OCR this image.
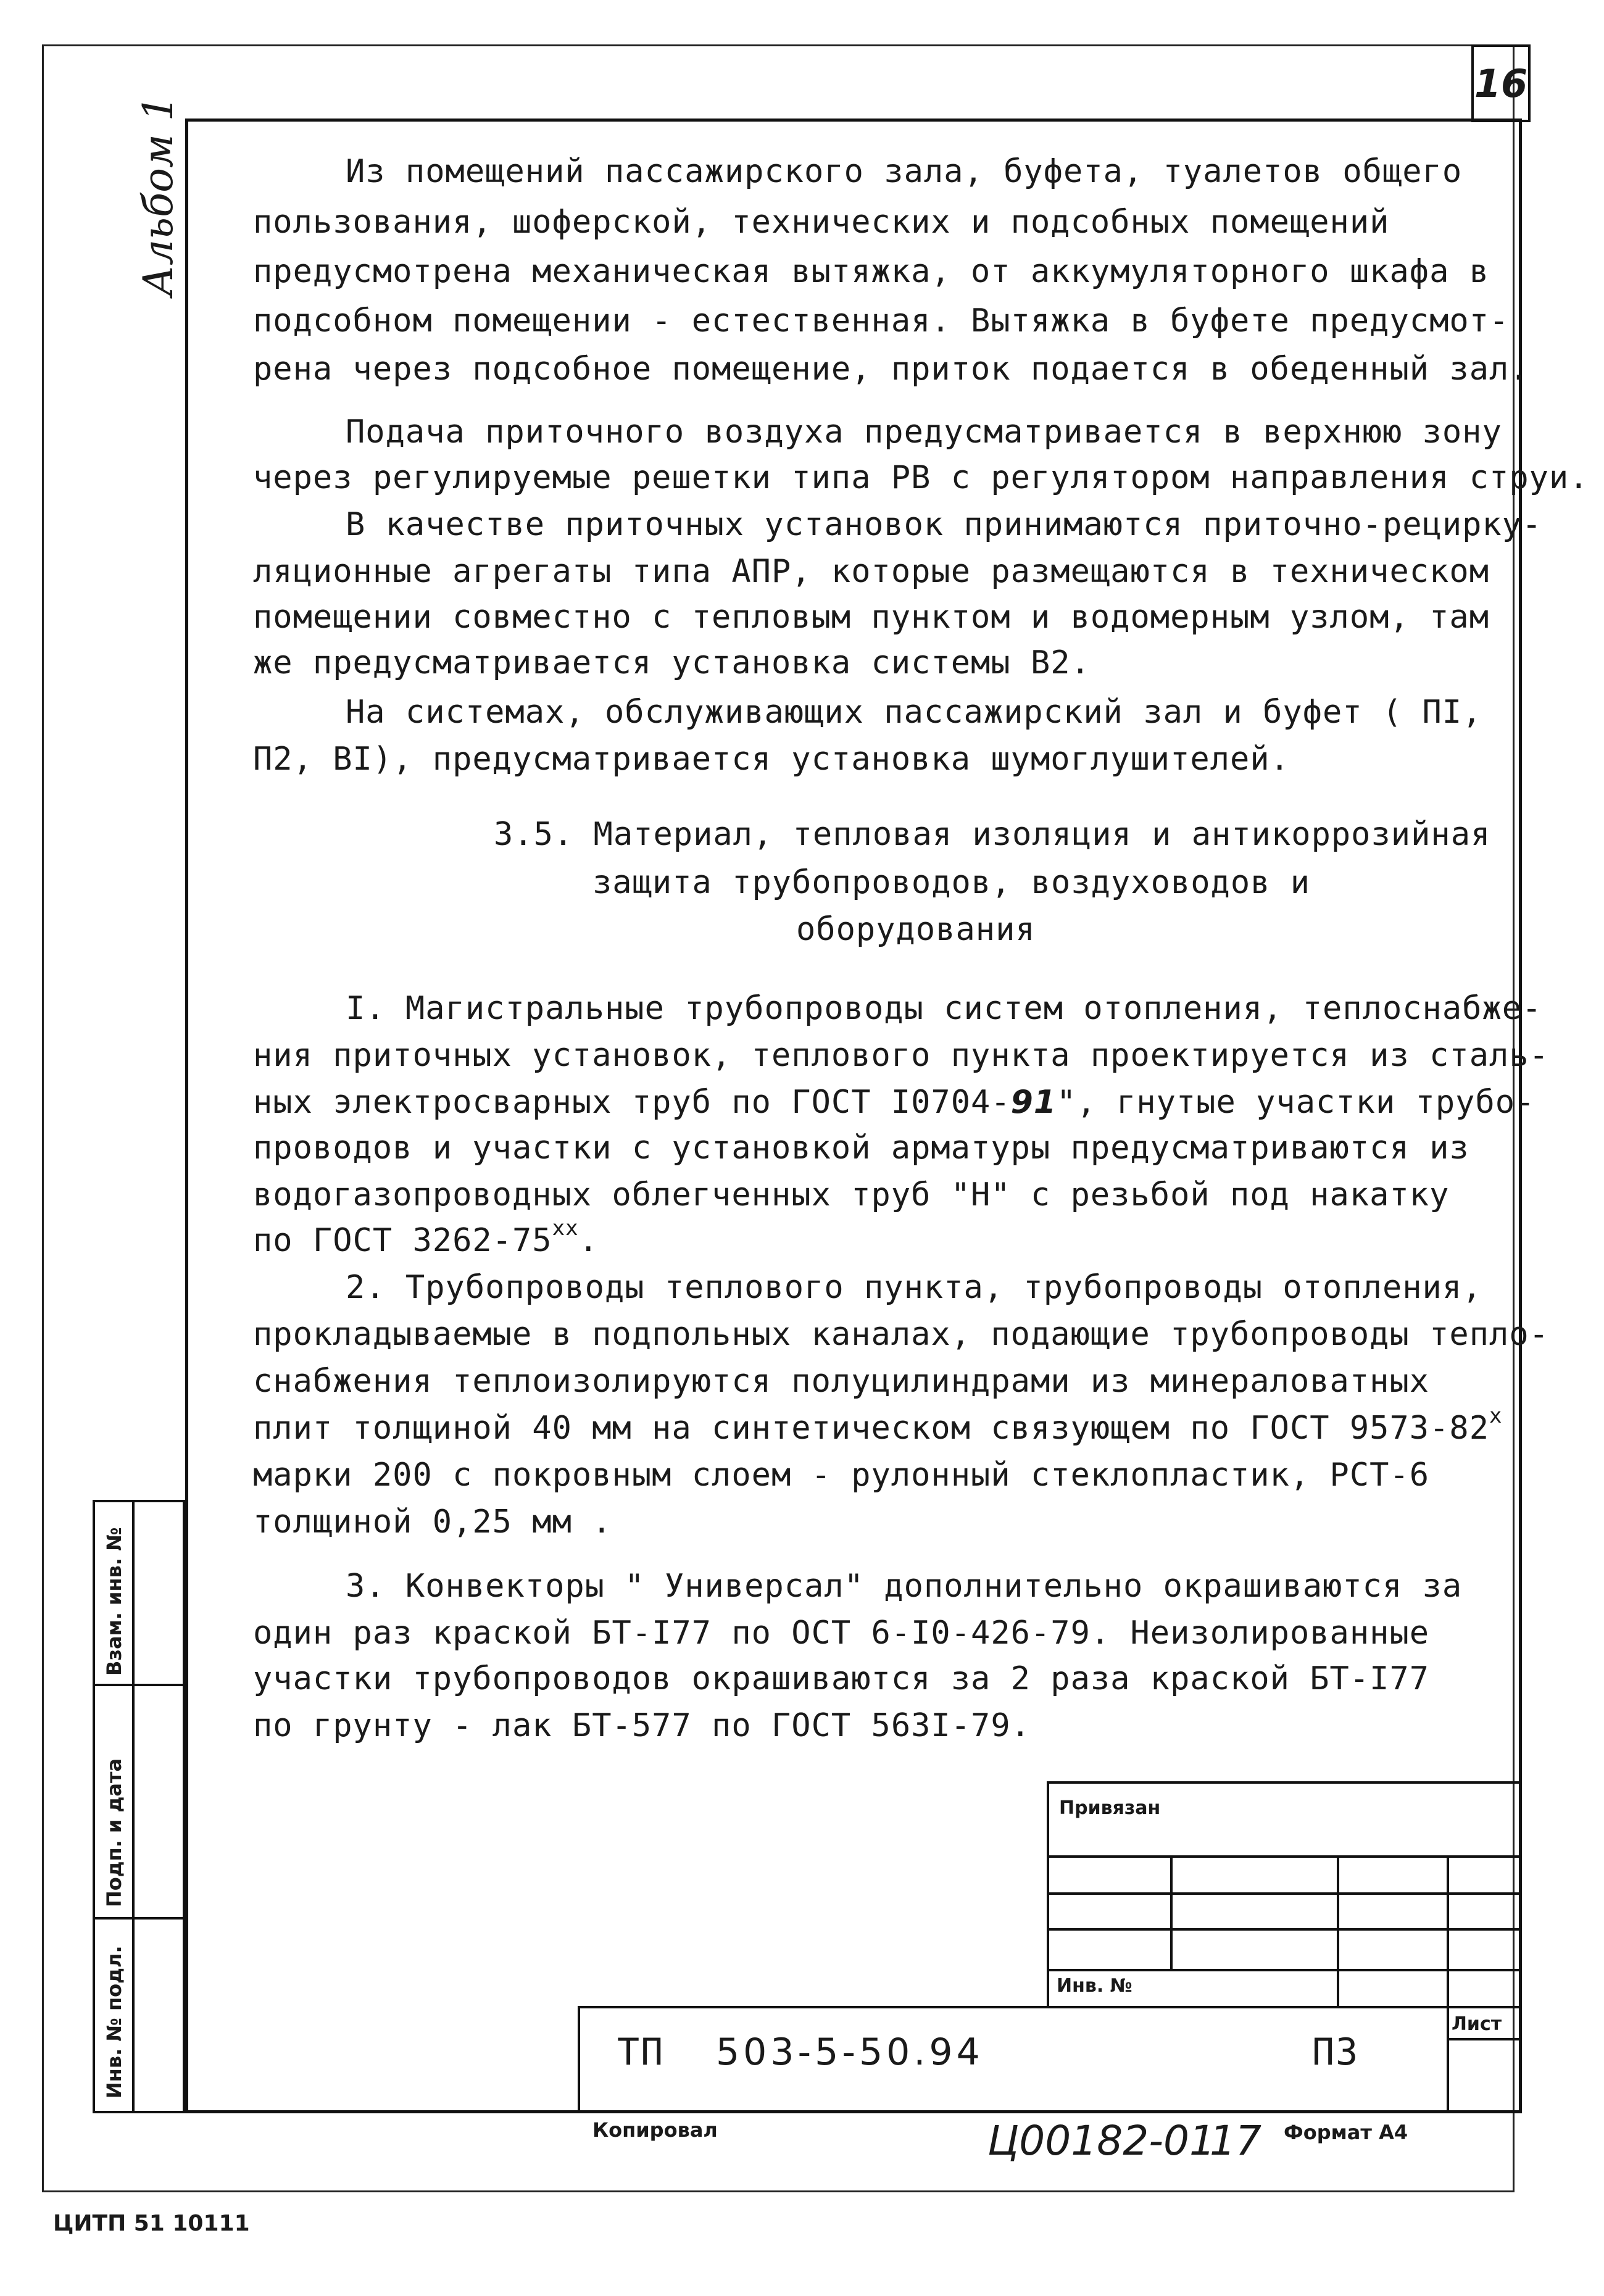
16
Альбом 1	Из помещений пассажирского зала, буфета, туалетов общего
пользования, шоферской, технических и подсобных помещений
предусмотрена механическая вытяжка, от аккумуляторного шкафа в
подсобном помещении - естественная. Вытяжка в буфете предусмот-
рена через подсобное помещение, приток подается в обеденный зал.
Подача приточного воздуха предусматривается в верхнюю зону
через регулируемые решетки типа РВ с регулятором направления струи.
В качестве приточных установок принимаются приточно-рециркy-
ляционные агрегаты типа АПР, которые размещаются в техническом
помещении совместно с тепловым пунктом и водомерным узлом, там
же предусматривается установка системы В2.
На системах, обслуживающих пассажирский зал и буфет ( ПI,
П2, ВI), предусматривается установка шумоглушителей.
3.5. Материал, тепловая изоляция и антикоррозийная
защита трубопроводов, воздуховодов и
оборудования
I. Магистральные трубопроводы систем отопления, теплоснабже-
ния приточных установок, теплового пункта проектируется из сталь-
ных электросварных труб по ГОСТ I0704-91", гнутые участки трубо-
проводов и участки с установкой арматуры предусматриваются из
водогазопроводных облегченных труб "Н" с резьбой под накатку
по ГОСТ $3262-75^{хх}$.
2. Трубопроводы теплового пункта, трубопроводы отопления,
прокладываемые в подпольных каналах, подающие трубопроводы тепло-
снабжения теплоизолируются полуцилиндрами из минераловатных
плит толщиной 40 мм на синтетическом связующем по ГОСТ $9573-82^х$
марки 200 с покровным слоем - рулонный стеклопластик, РСТ-6
толщиной 0,25 мм .
3. Конвекторы " Универсал" дополнительно окрашиваются за
один раз краской БТ-I77 по ОСТ 6-I0-426-79. Неизолированные
участки трубопроводов окрашиваются за 2 раза краской БТ-I77
по грунту - лак БТ-577 по ГОСТ 563I-79.
Взам. инв. №
Подп. и дата
Инв. № подл.
Привязан
Инв. №
Лист
ТП 503-5-50.94	ПЗ
Копировал	Ц00182-01
17 Формат А4
ЦИТП 51 10111
